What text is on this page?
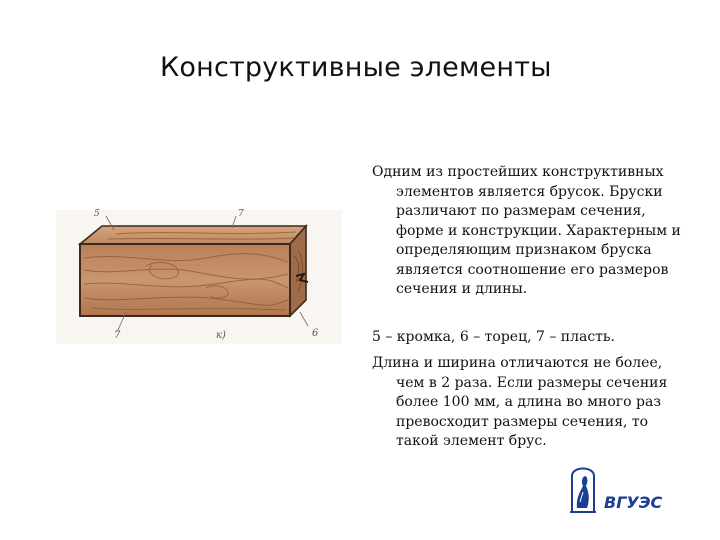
Конструктивные элементы
5	7
7	к)	6

Одним из простейших конструктивных элементов является брусок. Бруски различают по размерам сечения, форме и конструкции. Характерным и определяющим признаком бруска является соотношение его размеров сечения и длины.

5 – кромка, 6 – торец, 7 – пласть.

Длина и ширина отличаются не более, чем в 2 раза. Если размеры сечения более 100 мм, а длина во много раз превосходит размеры сечения, то такой элемент брус.

ВГУЭС
